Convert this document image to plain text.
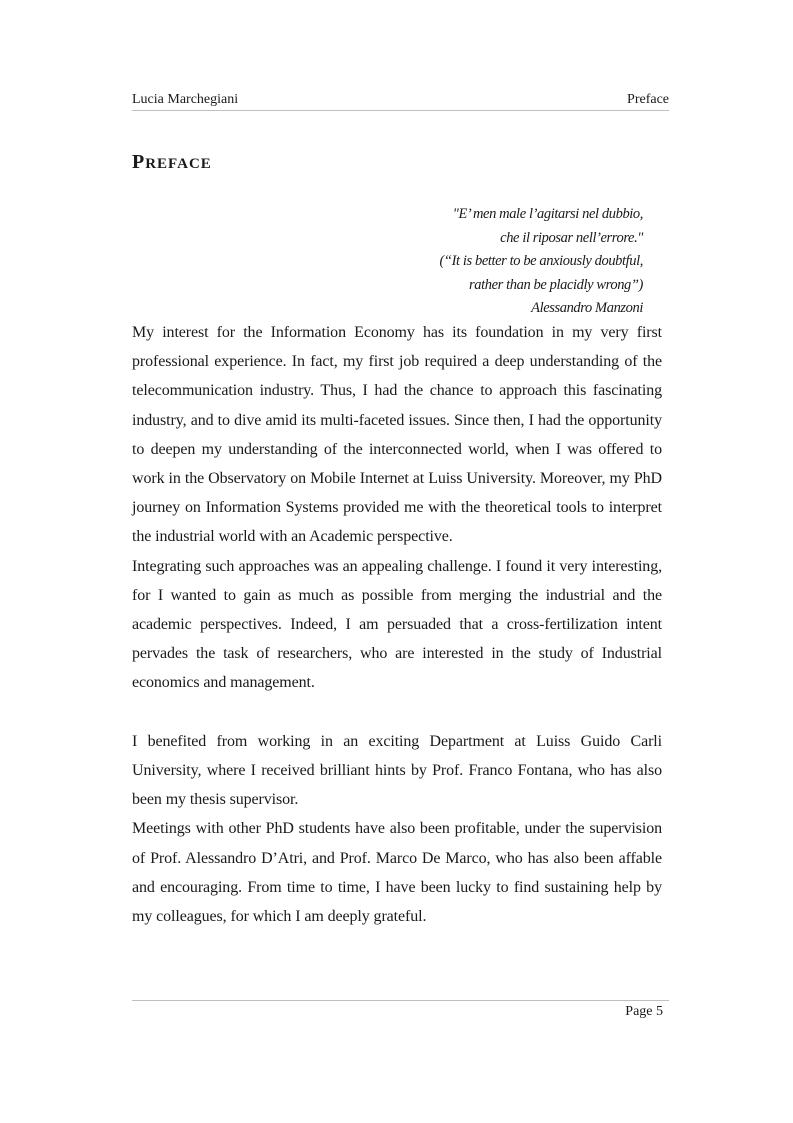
Lucia Marchegiani	Preface
PREFACE
"E’ men male l’agitarsi nel dubbio,
che il riposar nell’errore."
(“It is better to be anxiously doubtful,
rather than be placidly wrong”)
Alessandro Manzoni

My interest for the Information Economy has its foundation in my very first professional experience. In fact, my first job required a deep understanding of the telecommunication industry. Thus, I had the chance to approach this fascinating industry, and to dive amid its multi-faceted issues. Since then, I had the opportunity to deepen my understanding of the interconnected world, when I was offered to work in the Observatory on Mobile Internet at Luiss University. Moreover, my PhD journey on Information Systems provided me with the theoretical tools to interpret the industrial world with an Academic perspective.

Integrating such approaches was an appealing challenge. I found it very interesting, for I wanted to gain as much as possible from merging the industrial and the academic perspectives. Indeed, I am persuaded that a cross-fertilization intent pervades the task of researchers, who are interested in the study of Industrial economics and management.

I benefited from working in an exciting Department at Luiss Guido Carli University, where I received brilliant hints by Prof. Franco Fontana, who has also been my thesis supervisor.

Meetings with other PhD students have also been profitable, under the supervision of Prof. Alessandro D’Atri, and Prof. Marco De Marco, who has also been affable and encouraging. From time to time, I have been lucky to find sustaining help by my colleagues, for which I am deeply grateful.

Page 5
